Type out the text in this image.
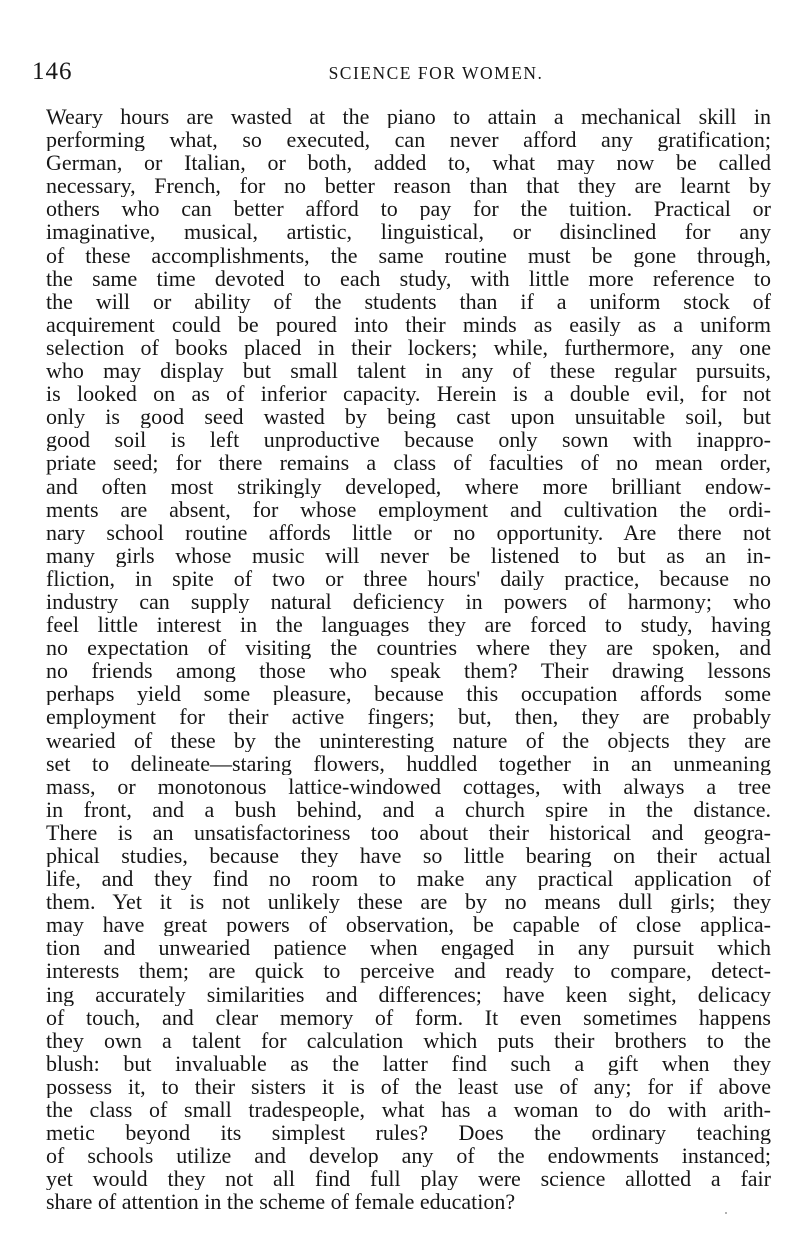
146	SCIENCE FOR WOMEN.
Weary hours are wasted at the piano to attain a mechanical skill in
performing what, so executed, can never afford any gratification;
German, or Italian, or both, added to, what may now be called
necessary, French, for no better reason than that they are learnt by
others who can better afford to pay for the tuition. Practical or
imaginative, musical, artistic, linguistical, or disinclined for any
of these accomplishments, the same routine must be gone through,
the same time devoted to each study, with little more reference to
the will or ability of the students than if a uniform stock of
acquirement could be poured into their minds as easily as a uniform
selection of books placed in their lockers; while, furthermore, any one
who may display but small talent in any of these regular pursuits,
is looked on as of inferior capacity. Herein is a double evil, for not
only is good seed wasted by being cast upon unsuitable soil, but
good soil is left unproductive because only sown with inappro-
priate seed; for there remains a class of faculties of no mean order,
and often most strikingly developed, where more brilliant endow-
ments are absent, for whose employment and cultivation the ordi-
nary school routine affords little or no opportunity. Are there not
many girls whose music will never be listened to but as an in-
fliction, in spite of two or three hours' daily practice, because no
industry can supply natural deficiency in powers of harmony; who
feel little interest in the languages they are forced to study, having
no expectation of visiting the countries where they are spoken, and
no friends among those who speak them? Their drawing lessons
perhaps yield some pleasure, because this occupation affords some
employment for their active fingers; but, then, they are probably
wearied of these by the uninteresting nature of the objects they are
set to delineate—staring flowers, huddled together in an unmeaning
mass, or monotonous lattice-windowed cottages, with always a tree
in front, and a bush behind, and a church spire in the distance.
There is an unsatisfactoriness too about their historical and geogra-
phical studies, because they have so little bearing on their actual
life, and they find no room to make any practical application of
them. Yet it is not unlikely these are by no means dull girls; they
may have great powers of observation, be capable of close applica-
tion and unwearied patience when engaged in any pursuit which
interests them; are quick to perceive and ready to compare, detect-
ing accurately similarities and differences; have keen sight, delicacy
of touch, and clear memory of form. It even sometimes happens
they own a talent for calculation which puts their brothers to the
blush: but invaluable as the latter find such a gift when they
possess it, to their sisters it is of the least use of any; for if above
the class of small tradespeople, what has a woman to do with arith-
metic beyond its simplest rules? Does the ordinary teaching
of schools utilize and develop any of the endowments instanced;
yet would they not all find full play were science allotted a fair
share of attention in the scheme of female education?
